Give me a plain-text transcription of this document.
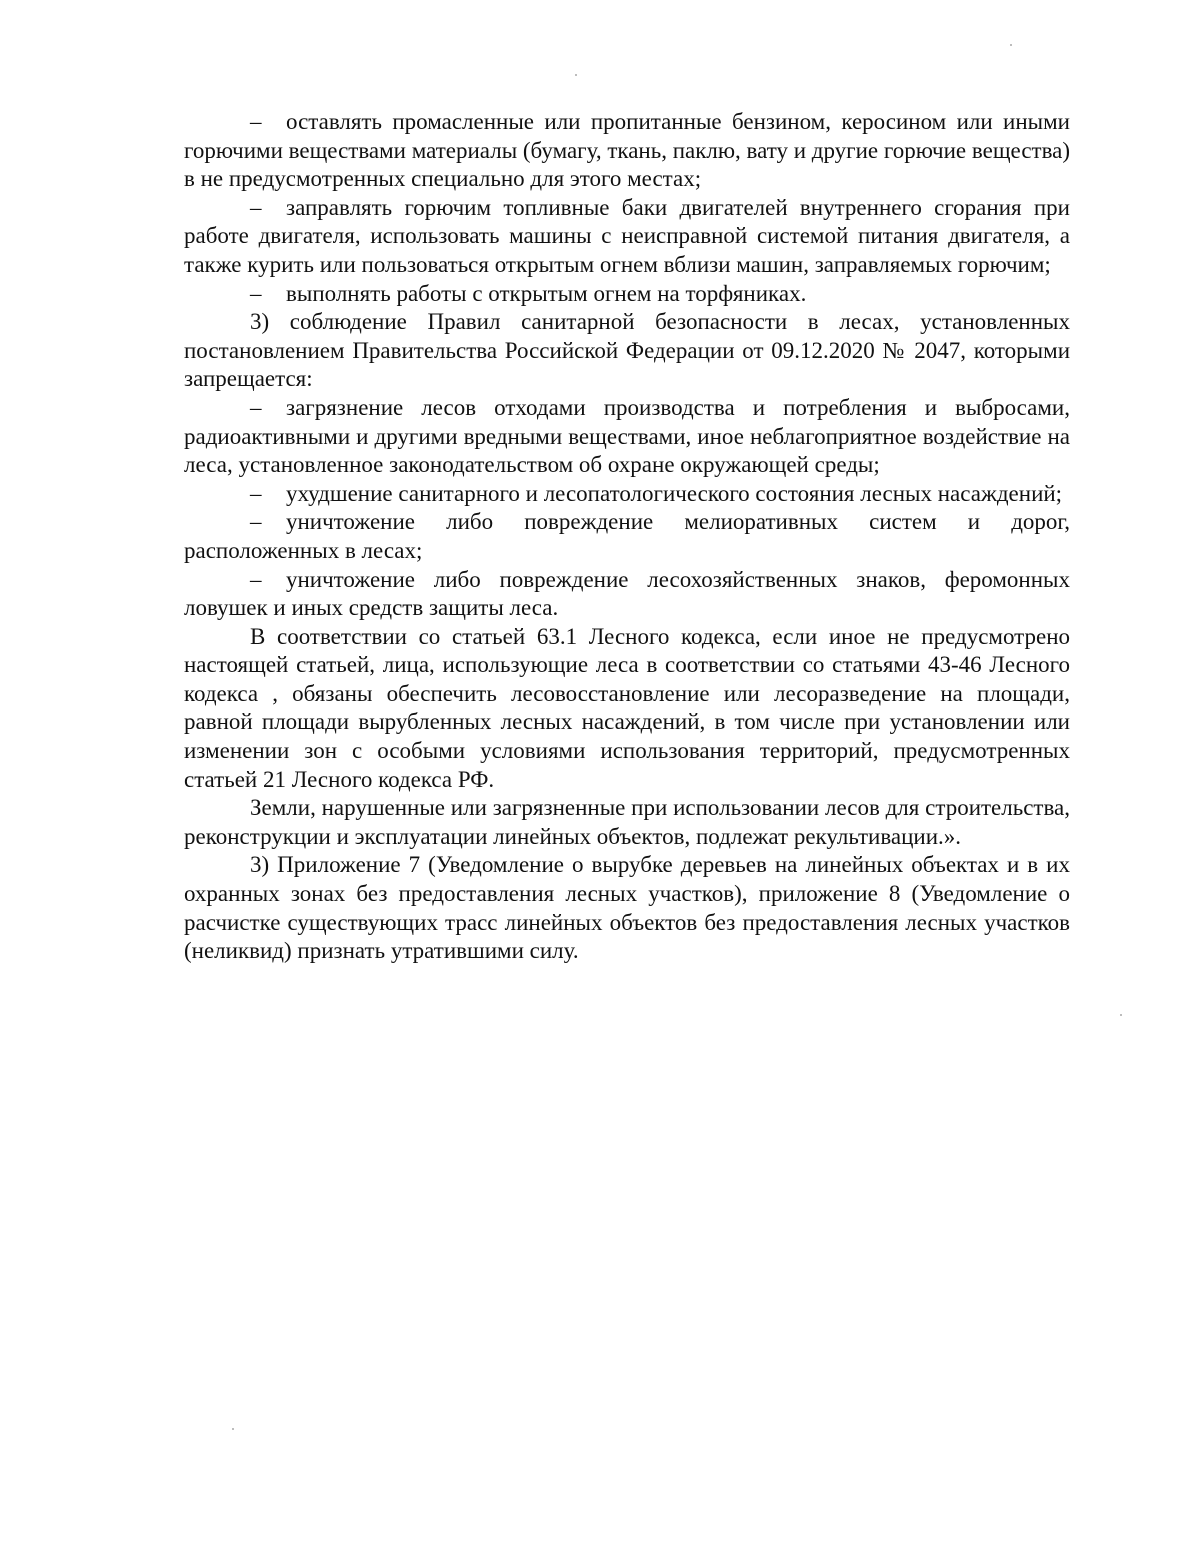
– оставлять промасленные или пропитанные бензином, керосином или иными горючими веществами материалы (бумагу, ткань, паклю, вату и другие горючие вещества) в не предусмотренных специально для этого местах;

– заправлять горючим топливные баки двигателей внутреннего сгорания при работе двигателя, использовать машины с неисправной системой питания двигателя, а также курить или пользоваться открытым огнем вблизи машин, заправляемых горючим;

– выполнять работы с открытым огнем на торфяниках.

3) соблюдение Правил санитарной безопасности в лесах, установленных постановлением Правительства Российской Федерации от 09.12.2020 № 2047, которыми запрещается:

– загрязнение лесов отходами производства и потребления и выбросами, радиоактивными и другими вредными веществами, иное неблагоприятное воздействие на леса, установленное законодательством об охране окружающей среды;

– ухудшение санитарного и лесопатологического состояния лесных насаждений;

– уничтожение либо повреждение мелиоративных систем и дорог, расположенных в лесах;

– уничтожение либо повреждение лесохозяйственных знаков, феромонных ловушек и иных средств защиты леса.

В соответствии со статьей 63.1 Лесного кодекса, если иное не предусмотрено настоящей статьей, лица, использующие леса в соответствии со статьями 43-46 Лесного кодекса , обязаны обеспечить лесовосстановление или лесоразведение на площади, равной площади вырубленных лесных насаждений, в том числе при установлении или изменении зон с особыми условиями использования территорий, предусмотренных статьей 21 Лесного кодекса РФ.

Земли, нарушенные или загрязненные при использовании лесов для строительства, реконструкции и эксплуатации линейных объектов, подлежат рекультивации.».

3) Приложение 7 (Уведомление о вырубке деревьев на линейных объектах и в их охранных зонах без предоставления лесных участков), приложение 8 (Уведомление о расчистке существующих трасс линейных объектов без предоставления лесных участков (неликвид) признать утратившими силу.
